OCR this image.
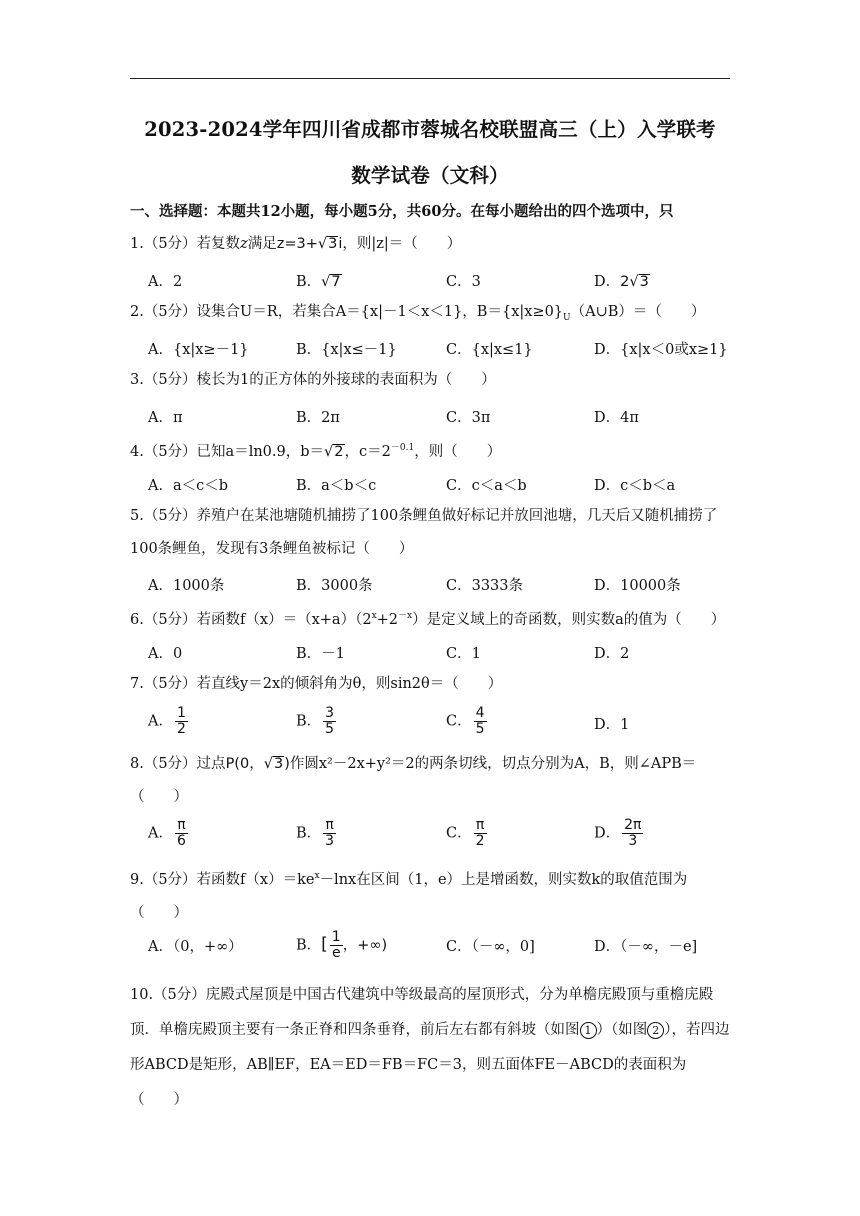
2023-2024学年四川省成都市蓉城名校联盟高三（上）入学联考
数学试卷（文科）
一、选择题：本题共12小题，每小题5分，共60分。在每小题给出的四个选项中，只
1.（5分）若复数z满足z=3+√3i，则|z|＝（　　）
A．2	B．√7	C．3	D．2√3
2.（5分）设集合U＝R，若集合A＝{x|－1＜x＜1}，$B=\{x|x\ge 0\}_U(A\cup B)=$（　　）
A．{x|x≥－1}	B．{x|x≤－1}	C．{x|x≤1}	D．{x|x＜0或x≥1}
3.（5分）棱长为1的正方体的外接球的表面积为（　　）
A．π	B．2π	C．3π	D．4π
4.（5分）已知a＝ln0.9，b＝√2，$c=2^{-0.1}$，则（　　）
A．a＜c＜b	B．a＜b＜c	C．c＜a＜b	D．c＜b＜a
5.（5分）养殖户在某池塘随机捕捞了100条鲤鱼做好标记并放回池塘，几天后又随机捕捞了100条鲤鱼，发现有3条鲤鱼被标记（　　）
A．1000条	B．3000条	C．3333条	D．10000条
6.（5分）若函数$f(x)=(x+a)(2^x+2^{-x})$是定义域上的奇函数，则实数a的值为（　　）
A．0	B．－1	C．1	D．2
7.（5分）若直线y＝2x的倾斜角为θ，则sin2θ＝（　　）
A． $\frac{1}{2}$	B． $\frac{3}{5}$	C． $\frac{4}{5}$	D．1
8.（5分）过点P(0，√3)作圆x²－2x+y²＝2的两条切线，切点分别为A，B，则∠APB＝（　　）
A． $\frac{\pi}{6}$	B． $\frac{\pi}{3}$	C． $\frac{\pi}{2}$	D． $\frac{2\pi}{3}$
9.（5分）若函数$f(x)=ke^x-\ln x$在区间（1，e）上是增函数，则实数k的取值范围为（　　）
A．（0，+∞）	B．[ $\frac{1}{e}$ ，+∞)	C．（－∞，0]	D．（－∞，－e]
10.（5分）庑殿式屋顶是中国古代建筑中等级最高的屋顶形式，分为单檐庑殿顶与重檐庑殿顶．单檐庑殿顶主要有一条正脊和四条垂脊，前后左右都有斜坡（如图 1 ）（如图 2 ），若四边形ABCD是矩形，AB∥EF，EA＝ED＝FB＝FC＝3，则五面体FE－ABCD的表面积为（　　）
